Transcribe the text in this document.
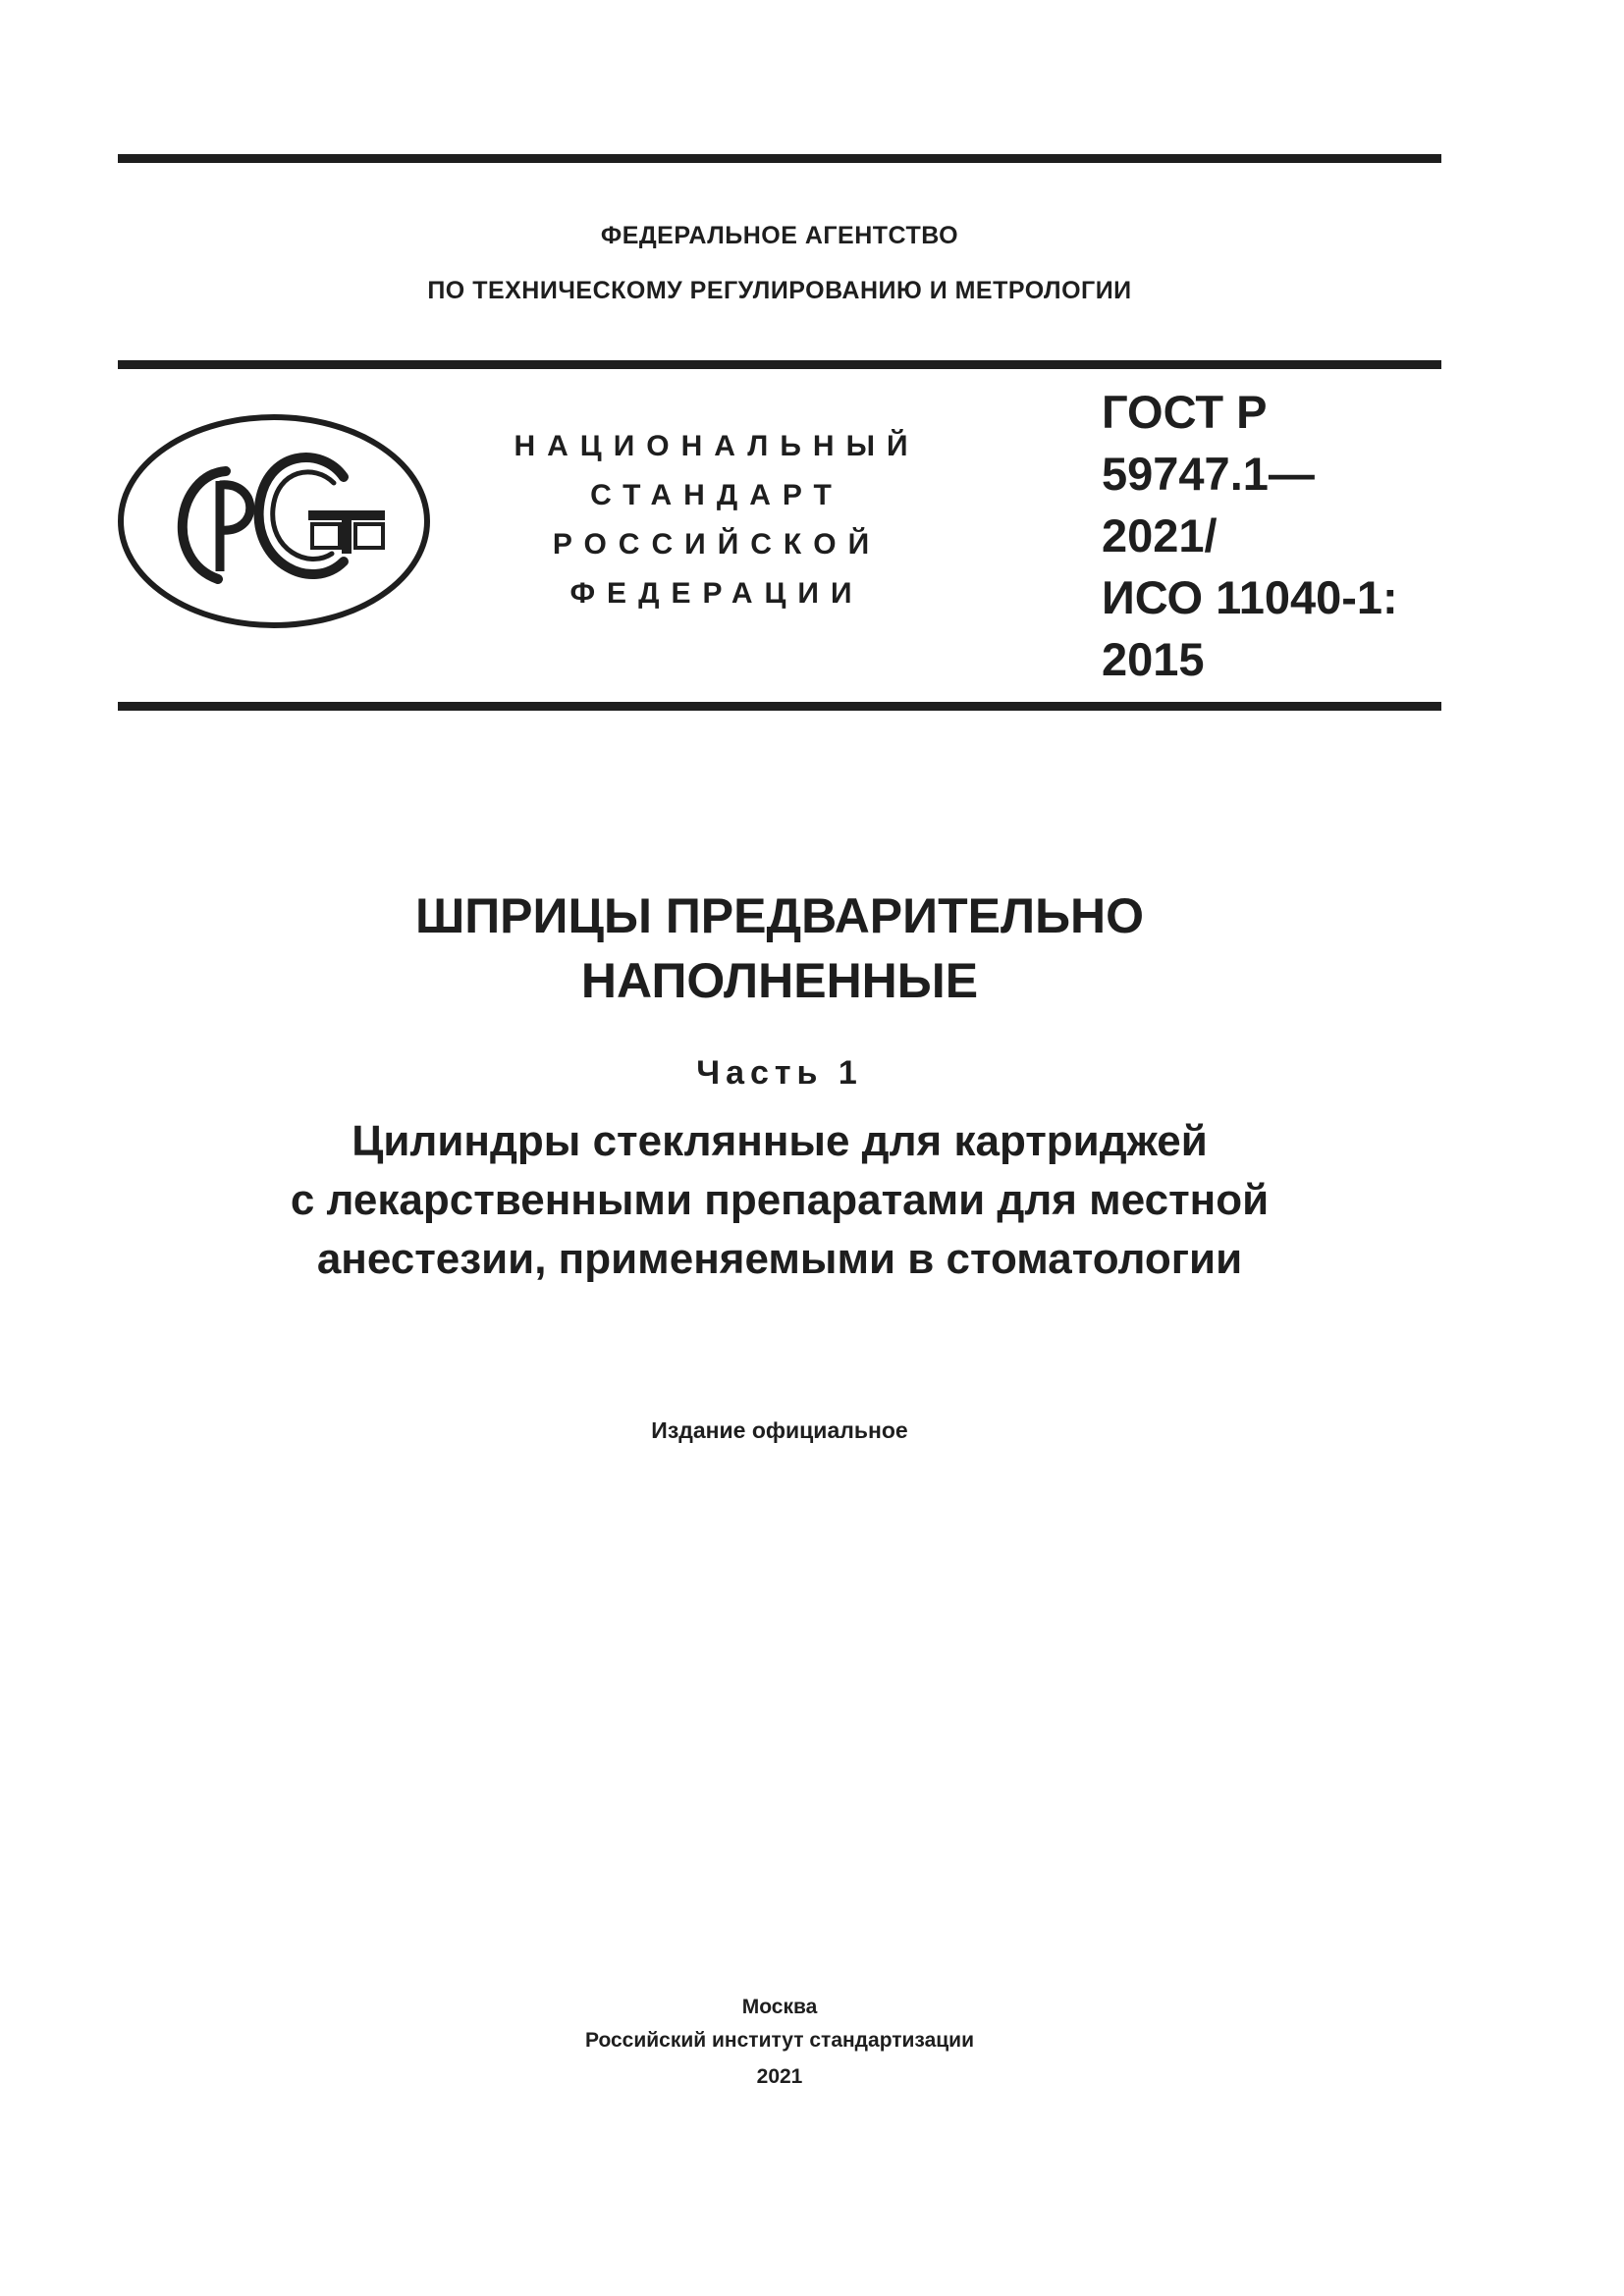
ФЕДЕРАЛЬНОЕ АГЕНТСТВО
ПО ТЕХНИЧЕСКОМУ РЕГУЛИРОВАНИЮ И МЕТРОЛОГИИ
НАЦИОНАЛЬНЫЙ
СТАНДАРТ
РОССИЙСКОЙ
ФЕДЕРАЦИИ
ГОСТ Р
59747.1—
2021/
ИСО 11040-1:
2015
ШПРИЦЫ ПРЕДВАРИТЕЛЬНО
НАПОЛНЕННЫЕ
Часть 1
Цилиндры стеклянные для картриджей
с лекарственными препаратами для местной
анестезии, применяемыми в стоматологии
Издание официальное
Москва
Российский институт стандартизации
2021
